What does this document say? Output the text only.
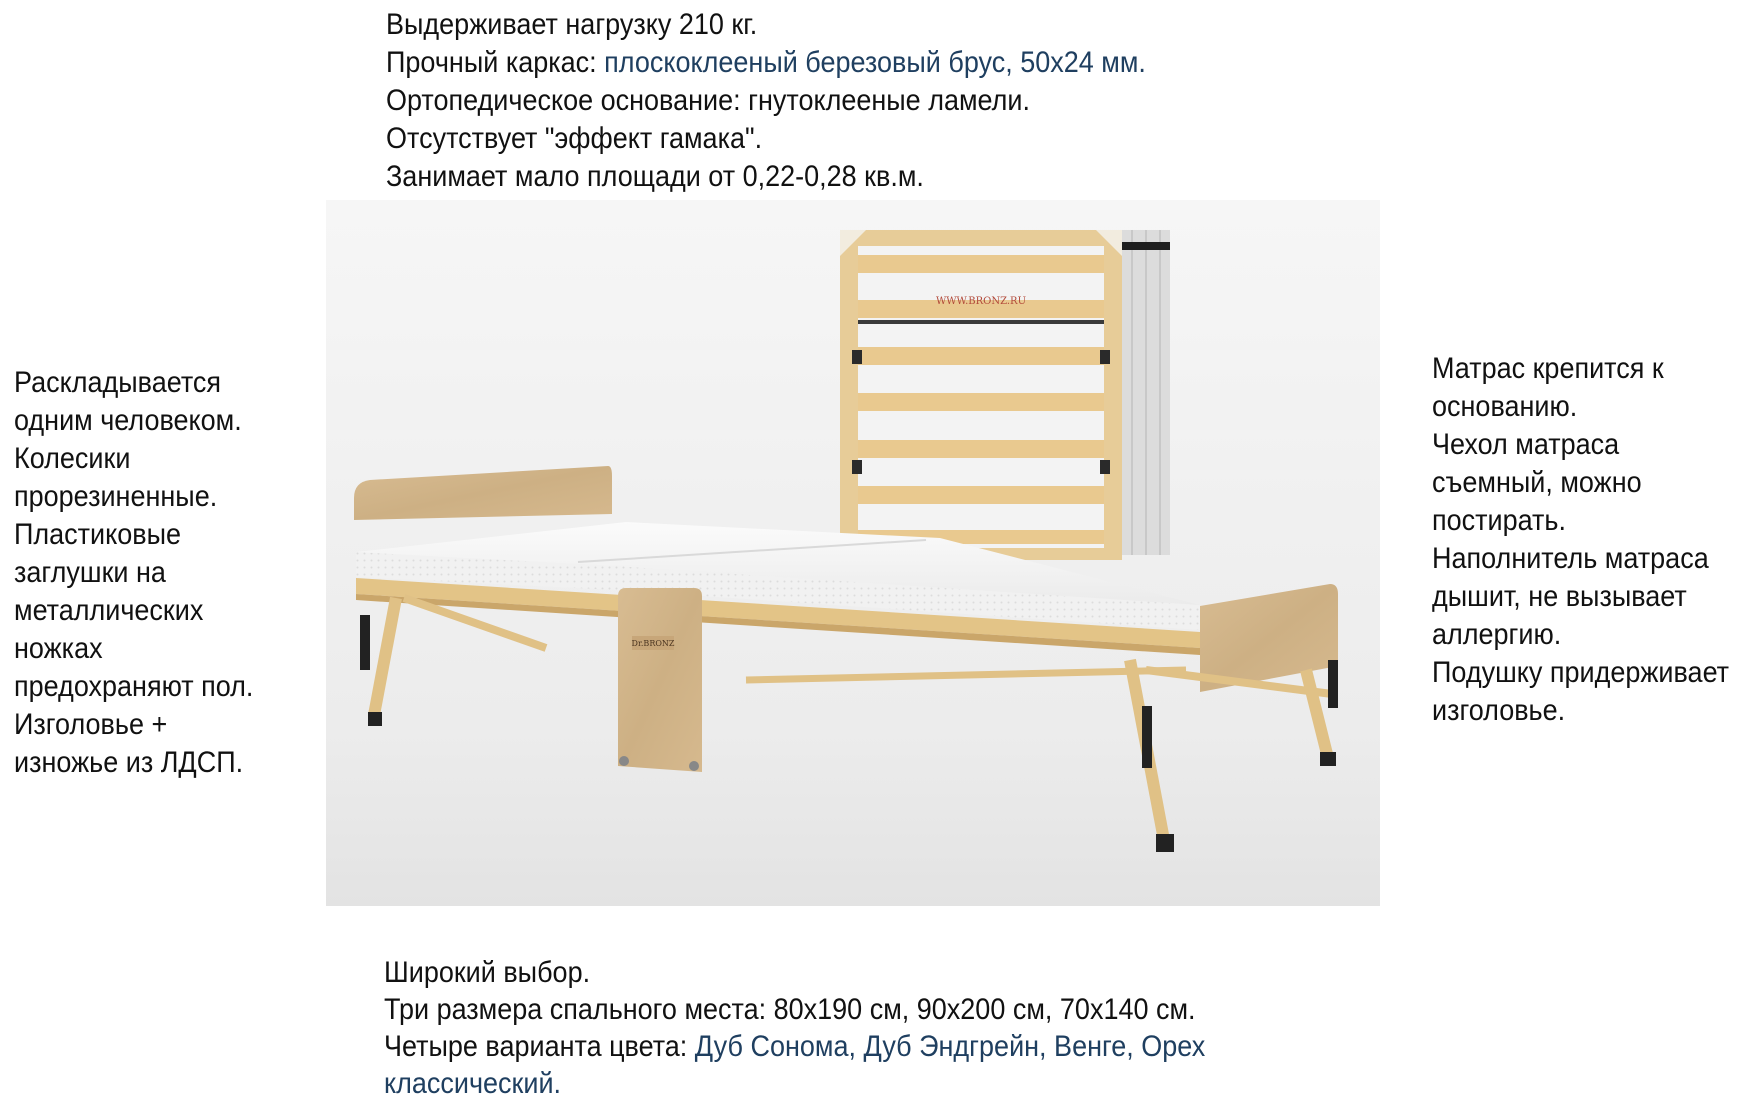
Выдерживает нагрузку 210 кг.
Прочный каркас: плоскоклееный березовый брус, 50х24 мм.
Ортопедическое основание: гнутоклееные ламели.
Отсутствует "эффект гамака".
Занимает мало площади от 0,22-0,28 кв.м.
Раскладывается
одним человеком.
Колесики
прорезиненные.
Пластиковые
заглушки на
металлических
ножках
предохраняют пол.
Изголовье +
изножье из ЛДСП.
Матрас крепится к
основанию.
Чехол матраса
съемный, можно
постирать.
Наполнитель матраса
дышит, не вызывает
аллергию.
Подушку придерживает
изголовье.
Широкий выбор.
Три размера спального места: 80х190 см, 90х200 см, 70х140 см.
Четыре варианта цвета: Дуб Сонома, Дуб Эндгрейн, Венге, Орех
классический.
WWW.BRONZ.RU
Dr.BRONZ
